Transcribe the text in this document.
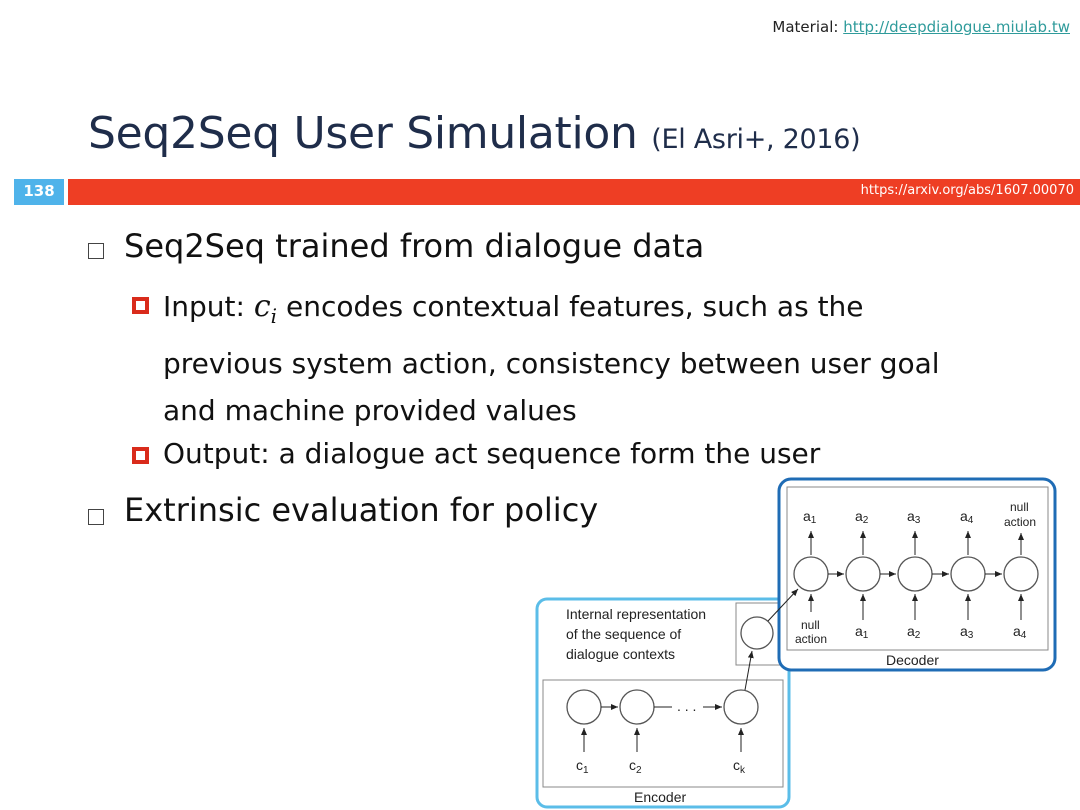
Material: http://deepdialogue.miulab.tw
Seq2Seq User Simulation (El Asri+, 2016)
138	https://arxiv.org/abs/1607.00070

Seq2Seq trained from dialogue data

Input: $c_i$ encodes contextual features, such as the previous system action, consistency between user goal and machine provided values

Output: a dialogue act sequence form the user

Extrinsic evaluation for policy

Internal representation
of the sequence of
dialogue contexts
. . .
$c_1$	$c_2$	$c_k$
Encoder
a1	a2	a3	a4
null
action
null
action a1	a2	a3	a4
Decoder
